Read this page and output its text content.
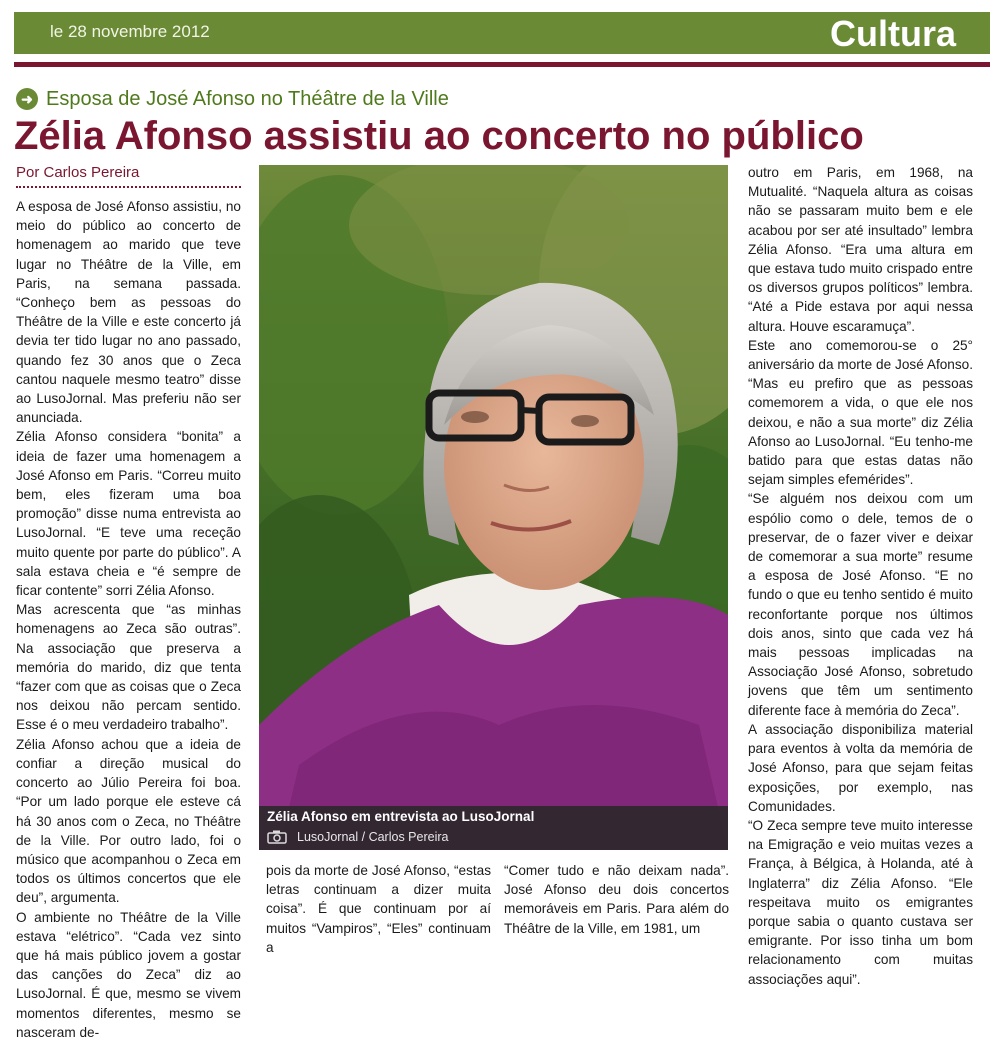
le 28 novembre 2012	Cultura
➜ Esposa de José Afonso no Théâtre de la Ville
Zélia Afonso assistiu ao concerto no público
Por Carlos Pereira

A esposa de José Afonso assistiu, no meio do público ao concerto de homenagem ao marido que teve lugar no Théâtre de la Ville, em Paris, na semana passada. “Conheço bem as pessoas do Théâtre de la Ville e este concerto já devia ter tido lugar no ano passado, quando fez 30 anos que o Zeca cantou naquele mesmo teatro” disse ao LusoJornal. Mas preferiu não ser anunciada.

Zélia Afonso considera “bonita” a ideia de fazer uma homenagem a José Afonso em Paris. “Correu muito bem, eles fizeram uma boa promoção” disse numa entrevista ao LusoJornal. “E teve uma receção muito quente por parte do público”. A sala estava cheia e “é sempre de ficar contente” sorri Zélia Afonso.

Mas acrescenta que “as minhas homenagens ao Zeca são outras”. Na associação que preserva a memória do marido, diz que tenta “fazer com que as coisas que o Zeca nos deixou não percam sentido. Esse é o meu verdadeiro trabalho”.

Zélia Afonso achou que a ideia de confiar a direção musical do concerto ao Júlio Pereira foi boa. “Por um lado porque ele esteve cá há 30 anos com o Zeca, no Théâtre de la Ville. Por outro lado, foi o músico que acompanhou o Zeca em todos os últimos concertos que ele deu”, argumenta.

O ambiente no Théâtre de la Ville estava “elétrico”. “Cada vez sinto que há mais público jovem a gostar das canções do Zeca” diz ao LusoJornal. É que, mesmo se vivem momentos diferentes, mesmo se nasceram de-

Zélia Afonso em entrevista ao LusoJornal
LusoJornal / Carlos Pereira

pois da morte de José Afonso, “estas letras continuam a dizer muita coisa”. É que continuam por aí muitos “Vampiros”, “Eles” continuam a

“Comer tudo e não deixam nada”. José Afonso deu dois concertos memoráveis em Paris. Para além do Théâtre de la Ville, em 1981, um

outro em Paris, em 1968, na Mutualité. “Naquela altura as coisas não se passaram muito bem e ele acabou por ser até insultado” lembra Zélia Afonso. “Era uma altura em que estava tudo muito crispado entre os diversos grupos políticos” lembra. “Até a Pide estava por aqui nessa altura. Houve escaramuça”.

Este ano comemorou-se o 25° aniversário da morte de José Afonso. “Mas eu prefiro que as pessoas comemorem a vida, o que ele nos deixou, e não a sua morte” diz Zélia Afonso ao LusoJornal. “Eu tenho-me batido para que estas datas não sejam simples efemérides”.

“Se alguém nos deixou com um espólio como o dele, temos de o preservar, de o fazer viver e deixar de comemorar a sua morte” resume a esposa de José Afonso. “E no fundo o que eu tenho sentido é muito reconfortante porque nos últimos dois anos, sinto que cada vez há mais pessoas implicadas na Associação José Afonso, sobretudo jovens que têm um sentimento diferente face à memória do Zeca”.

A associação disponibiliza material para eventos à volta da memória de José Afonso, para que sejam feitas exposições, por exemplo, nas Comunidades.

“O Zeca sempre teve muito interesse na Emigração e veio muitas vezes a França, à Bélgica, à Holanda, até à Inglaterra” diz Zélia Afonso. “Ele respeitava muito os emigrantes porque sabia o quanto custava ser emigrante. Por isso tinha um bom relacionamento com muitas associações aqui”.
